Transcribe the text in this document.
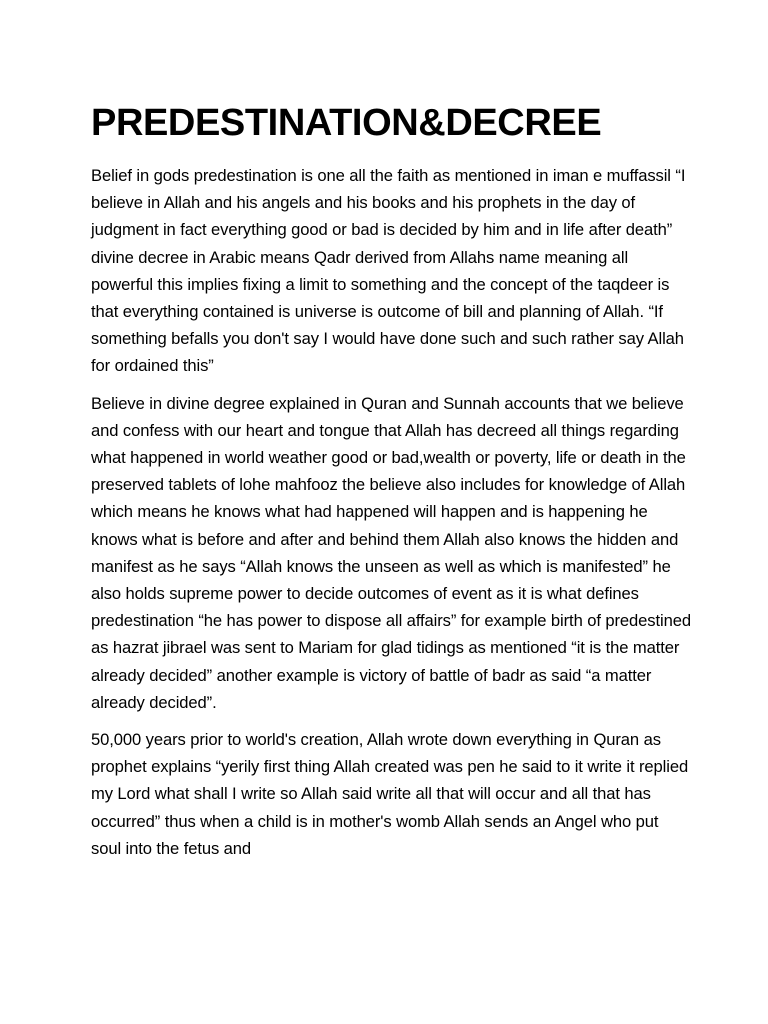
PREDESTINATION&DECREE

Belief in gods predestination is one all the faith as mentioned in iman e muffassil “I believe in Allah and his angels and his books and his prophets in the day of judgment in fact everything good or bad is decided by him and in life after death” divine decree in Arabic means Qadr derived from Allahs name meaning all powerful this implies fixing a limit to something and the concept of the taqdeer is that everything contained is universe is outcome of bill and planning of Allah. “If something befalls you don't say I would have done such and such rather say Allah for ordained this”

Believe in divine degree explained in Quran and Sunnah accounts that we believe and confess with our heart and tongue that Allah has decreed all things regarding what happened in world weather good or bad,wealth or poverty, life or death in the preserved tablets of lohe mahfooz the believe also includes for knowledge of Allah which means he knows what had happened will happen and is happening he knows what is before and after and behind them Allah also knows the hidden and manifest as he says “Allah knows the unseen as well as which is manifested” he also holds supreme power to decide outcomes of event as it is what defines predestination “he has power to dispose all affairs” for example birth of predestined as hazrat jibrael was sent to Mariam for glad tidings as mentioned “it is the matter already decided” another example is victory of battle of badr as said “a matter already decided”.

50,000 years prior to world's creation, Allah wrote down everything in Quran as prophet explains “yerily first thing Allah created was pen he said to it write it replied my Lord what shall I write so Allah said write all that will occur and all that has occurred” thus when a child is in mother's womb Allah sends an Angel who put soul into the fetus and
